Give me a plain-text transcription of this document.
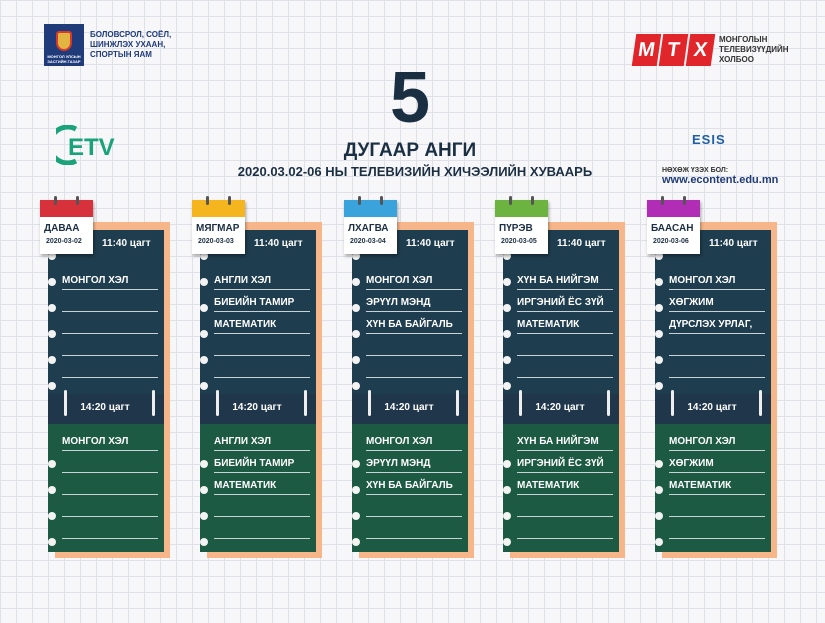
МОНГОЛ УЛСЫН ЗАСГИЙН ГАЗАР
БОЛОВСРОЛ, СОЁЛ, ШИНЖЛЭХ УХААН, СПОРТЫН ЯАМ	М Т Х	МОНГОЛЫН ТЕЛЕВИЗҮҮДИЙН ХОЛБОО
ETV
5
ДУГААР АНГИ
2020.03.02-06 НЫ ТЕЛЕВИЗИЙН ХИЧЭЭЛИЙН ХУВААРЬ
ESIS
НӨХӨЖ ҮЗЭХ БОЛ:
www.econtent.edu.mn
ДАВАА
2020-03-02	11:40 цагт
14:20 цагт
МОНГОЛ ХЭЛ
МОНГОЛ ХЭЛ
МЯГМАР
2020-03-03	11:40 цагт
14:20 цагт
АНГЛИ ХЭЛ
БИЕИЙН ТАМИР
МАТЕМАТИК
АНГЛИ ХЭЛ
БИЕИЙН ТАМИР
МАТЕМАТИК
ЛХАГВА
2020-03-04	11:40 цагт
14:20 цагт
МОНГОЛ ХЭЛ
ЭРҮҮЛ МЭНД
ХҮН БА БАЙГАЛЬ
МОНГОЛ ХЭЛ
ЭРҮҮЛ МЭНД
ХҮН БА БАЙГАЛЬ
ПҮРЭВ
2020-03-05	11:40 цагт
14:20 цагт
ХҮН БА НИЙГЭМ
ИРГЭНИЙ ЁС ЗҮЙ
МАТЕМАТИК
ХҮН БА НИЙГЭМ
ИРГЭНИЙ ЁС ЗҮЙ
МАТЕМАТИК
БААСАН
2020-03-06	11:40 цагт
14:20 цагт
МОНГОЛ ХЭЛ
ХӨГЖИМ
ДҮРСЛЭХ УРЛАГ,
МОНГОЛ ХЭЛ
ХӨГЖИМ
МАТЕМАТИК
